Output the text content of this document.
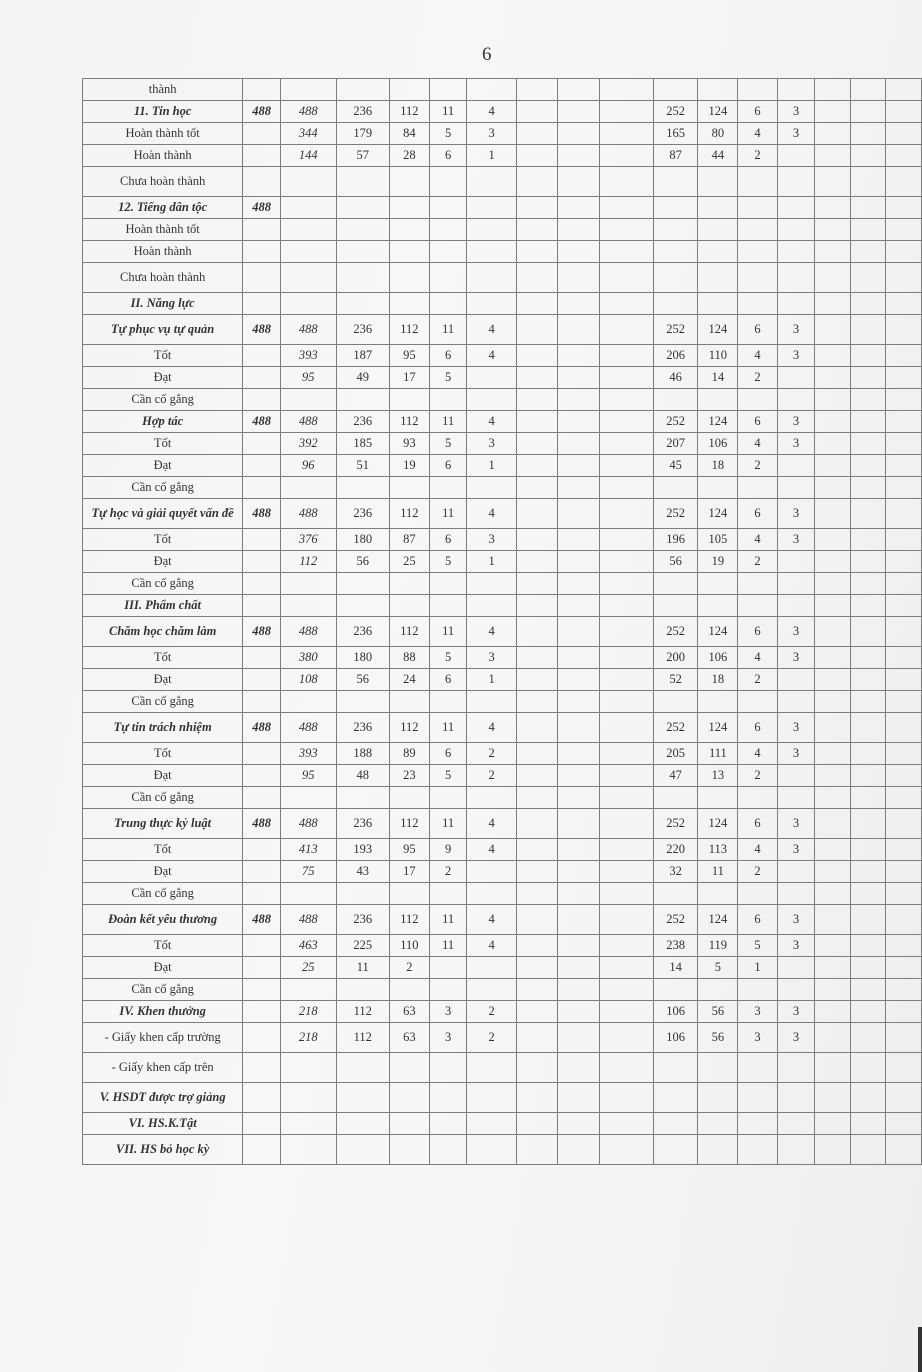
6
thành																
11. Tin học	488	488	236	112	11	4				252	124	6	3			
Hoàn thành tốt		344	179	84	5	3				165	80	4	3			
Hoàn thành		144	57	28	6	1				87	44	2				
Chưa hoàn thành																
12. Tiếng dân tộc	488															
Hoàn thành tốt																
Hoàn thành																
Chưa hoàn thành																
II. Năng lực																
Tự phục vụ tự quản	488	488	236	112	11	4				252	124	6	3			
Tốt		393	187	95	6	4				206	110	4	3			
Đạt		95	49	17	5					46	14	2				
Cần cố gắng																
Hợp tác	488	488	236	112	11	4				252	124	6	3			
Tốt		392	185	93	5	3				207	106	4	3			
Đạt		96	51	19	6	1				45	18	2				
Cần cố gắng																
Tự học và giải quyết vấn đề	488	488	236	112	11	4				252	124	6	3			
Tốt		376	180	87	6	3				196	105	4	3			
Đạt		112	56	25	5	1				56	19	2				
Cần cố gắng																
III. Phẩm chất																
Chăm học chăm làm	488	488	236	112	11	4				252	124	6	3			
Tốt		380	180	88	5	3				200	106	4	3			
Đạt		108	56	24	6	1				52	18	2				
Cần cố gắng																
Tự tin trách nhiệm	488	488	236	112	11	4				252	124	6	3			
Tốt		393	188	89	6	2				205	111	4	3			
Đạt		95	48	23	5	2				47	13	2				
Cần cố gắng																
Trung thực kỷ luật	488	488	236	112	11	4				252	124	6	3			
Tốt		413	193	95	9	4				220	113	4	3			
Đạt		75	43	17	2					32	11	2				
Cần cố gắng																
Đoàn kết yêu thương	488	488	236	112	11	4				252	124	6	3			
Tốt		463	225	110	11	4				238	119	5	3			
Đạt		25	11	2						14	5	1				
Cần cố gắng																
IV. Khen thưởng		218	112	63	3	2				106	56	3	3			
- Giấy khen cấp trường		218	112	63	3	2				106	56	3	3			
- Giấy khen cấp trên																
V. HSDT được trợ giảng																
VI. HS.K.Tật																
VII. HS bỏ học kỳ																
